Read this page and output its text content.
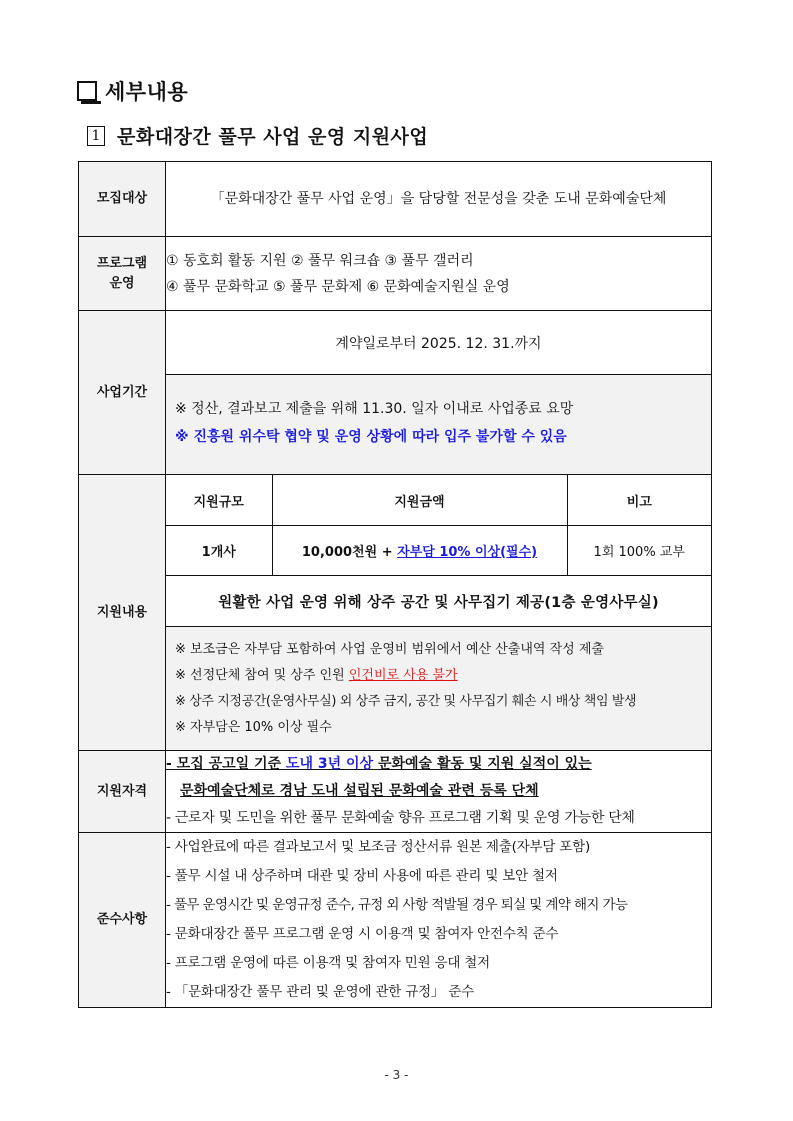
세부내용
1 문화대장간 풀무 사업 운영 지원사업
모집대상	「문화대장간 풀무 사업 운영」을 담당할 전문성을 갖춘 도내 문화예술단체

프로그램
운영

① 동호회 활동 지원 ② 풀무 워크숍 ③ 풀무 갤러리
④ 풀무 문화학교 ⑤ 풀무 문화제 ⑥ 문화예술지원실 운영

사업기간	
계약일로부터 2025. 12. 31.까지
※ 정산, 결과보고 제출을 위해 11.30. 일자 이내로 사업종료 요망
※ 진흥원 위수탁 협약 및 운영 상황에 따라 입주 불가할 수 있음

지원내용	
지원규모	지원금액	비고
1개사	10,000천원 + 자부담 10% 이상(필수)	1회 100% 교부
원활한 사업 운영 위해 상주 공간 및 사무집기 제공(1층 운영사무실)
※ 보조금은 자부담 포함하여 사업 운영비 범위에서 예산 산출내역 작성 제출
※ 선정단체 참여 및 상주 인원 인건비로 사용 불가
※ 상주 지정공간(운영사무실) 외 상주 금지, 공간 및 사무집기 훼손 시 배상 책임 발생
※ 자부담은 10% 이상 필수

지원자격	
- 모집 공고일 기준 도내 3년 이상 문화예술 활동 및 지원 실적이 있는
문화예술단체로 경남 도내 설립된 문화예술 관련 등록 단체
- 근로자 및 도민을 위한 풀무 문화예술 향유 프로그램 기획 및 운영 가능한 단체

준수사항	
- 사업완료에 따른 결과보고서 및 보조금 정산서류 원본 제출(자부담 포함)
- 풀무 시설 내 상주하며 대관 및 장비 사용에 따른 관리 및 보안 철저
- 풀무 운영시간 및 운영규정 준수, 규정 외 사항 적발될 경우 퇴실 및 계약 해지 가능
- 문화대장간 풀무 프로그램 운영 시 이용객 및 참여자 안전수칙 준수
- 프로그램 운영에 따른 이용객 및 참여자 민원 응대 철저
- 「문화대장간 풀무 관리 및 운영에 관한 규정」 준수
- 3 -
